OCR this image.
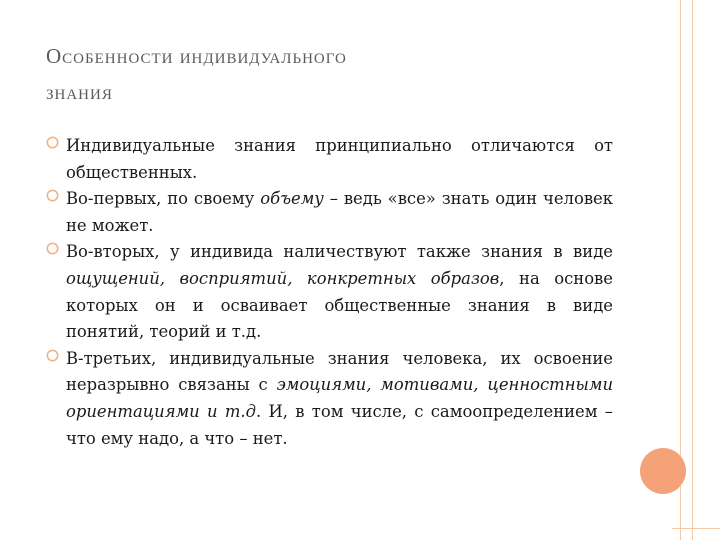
Особенности индивидуального
знания

Индивидуальные знания принципиально отличаются от общественных.

Во-первых, по своему объему – ведь «все» знать один человек не может.

Во-вторых, у индивида наличествуют также знания в виде ощущений, восприятий, конкретных образов, на основе которых он и осваивает общественные знания в виде понятий, теорий и т.д.

В-третьих, индивидуальные знания человека, их освоение неразрывно связаны с эмоциями, мотивами, ценностными ориентациями и т.д. И, в том числе, с самоопределением – что ему надо, а что – нет.
